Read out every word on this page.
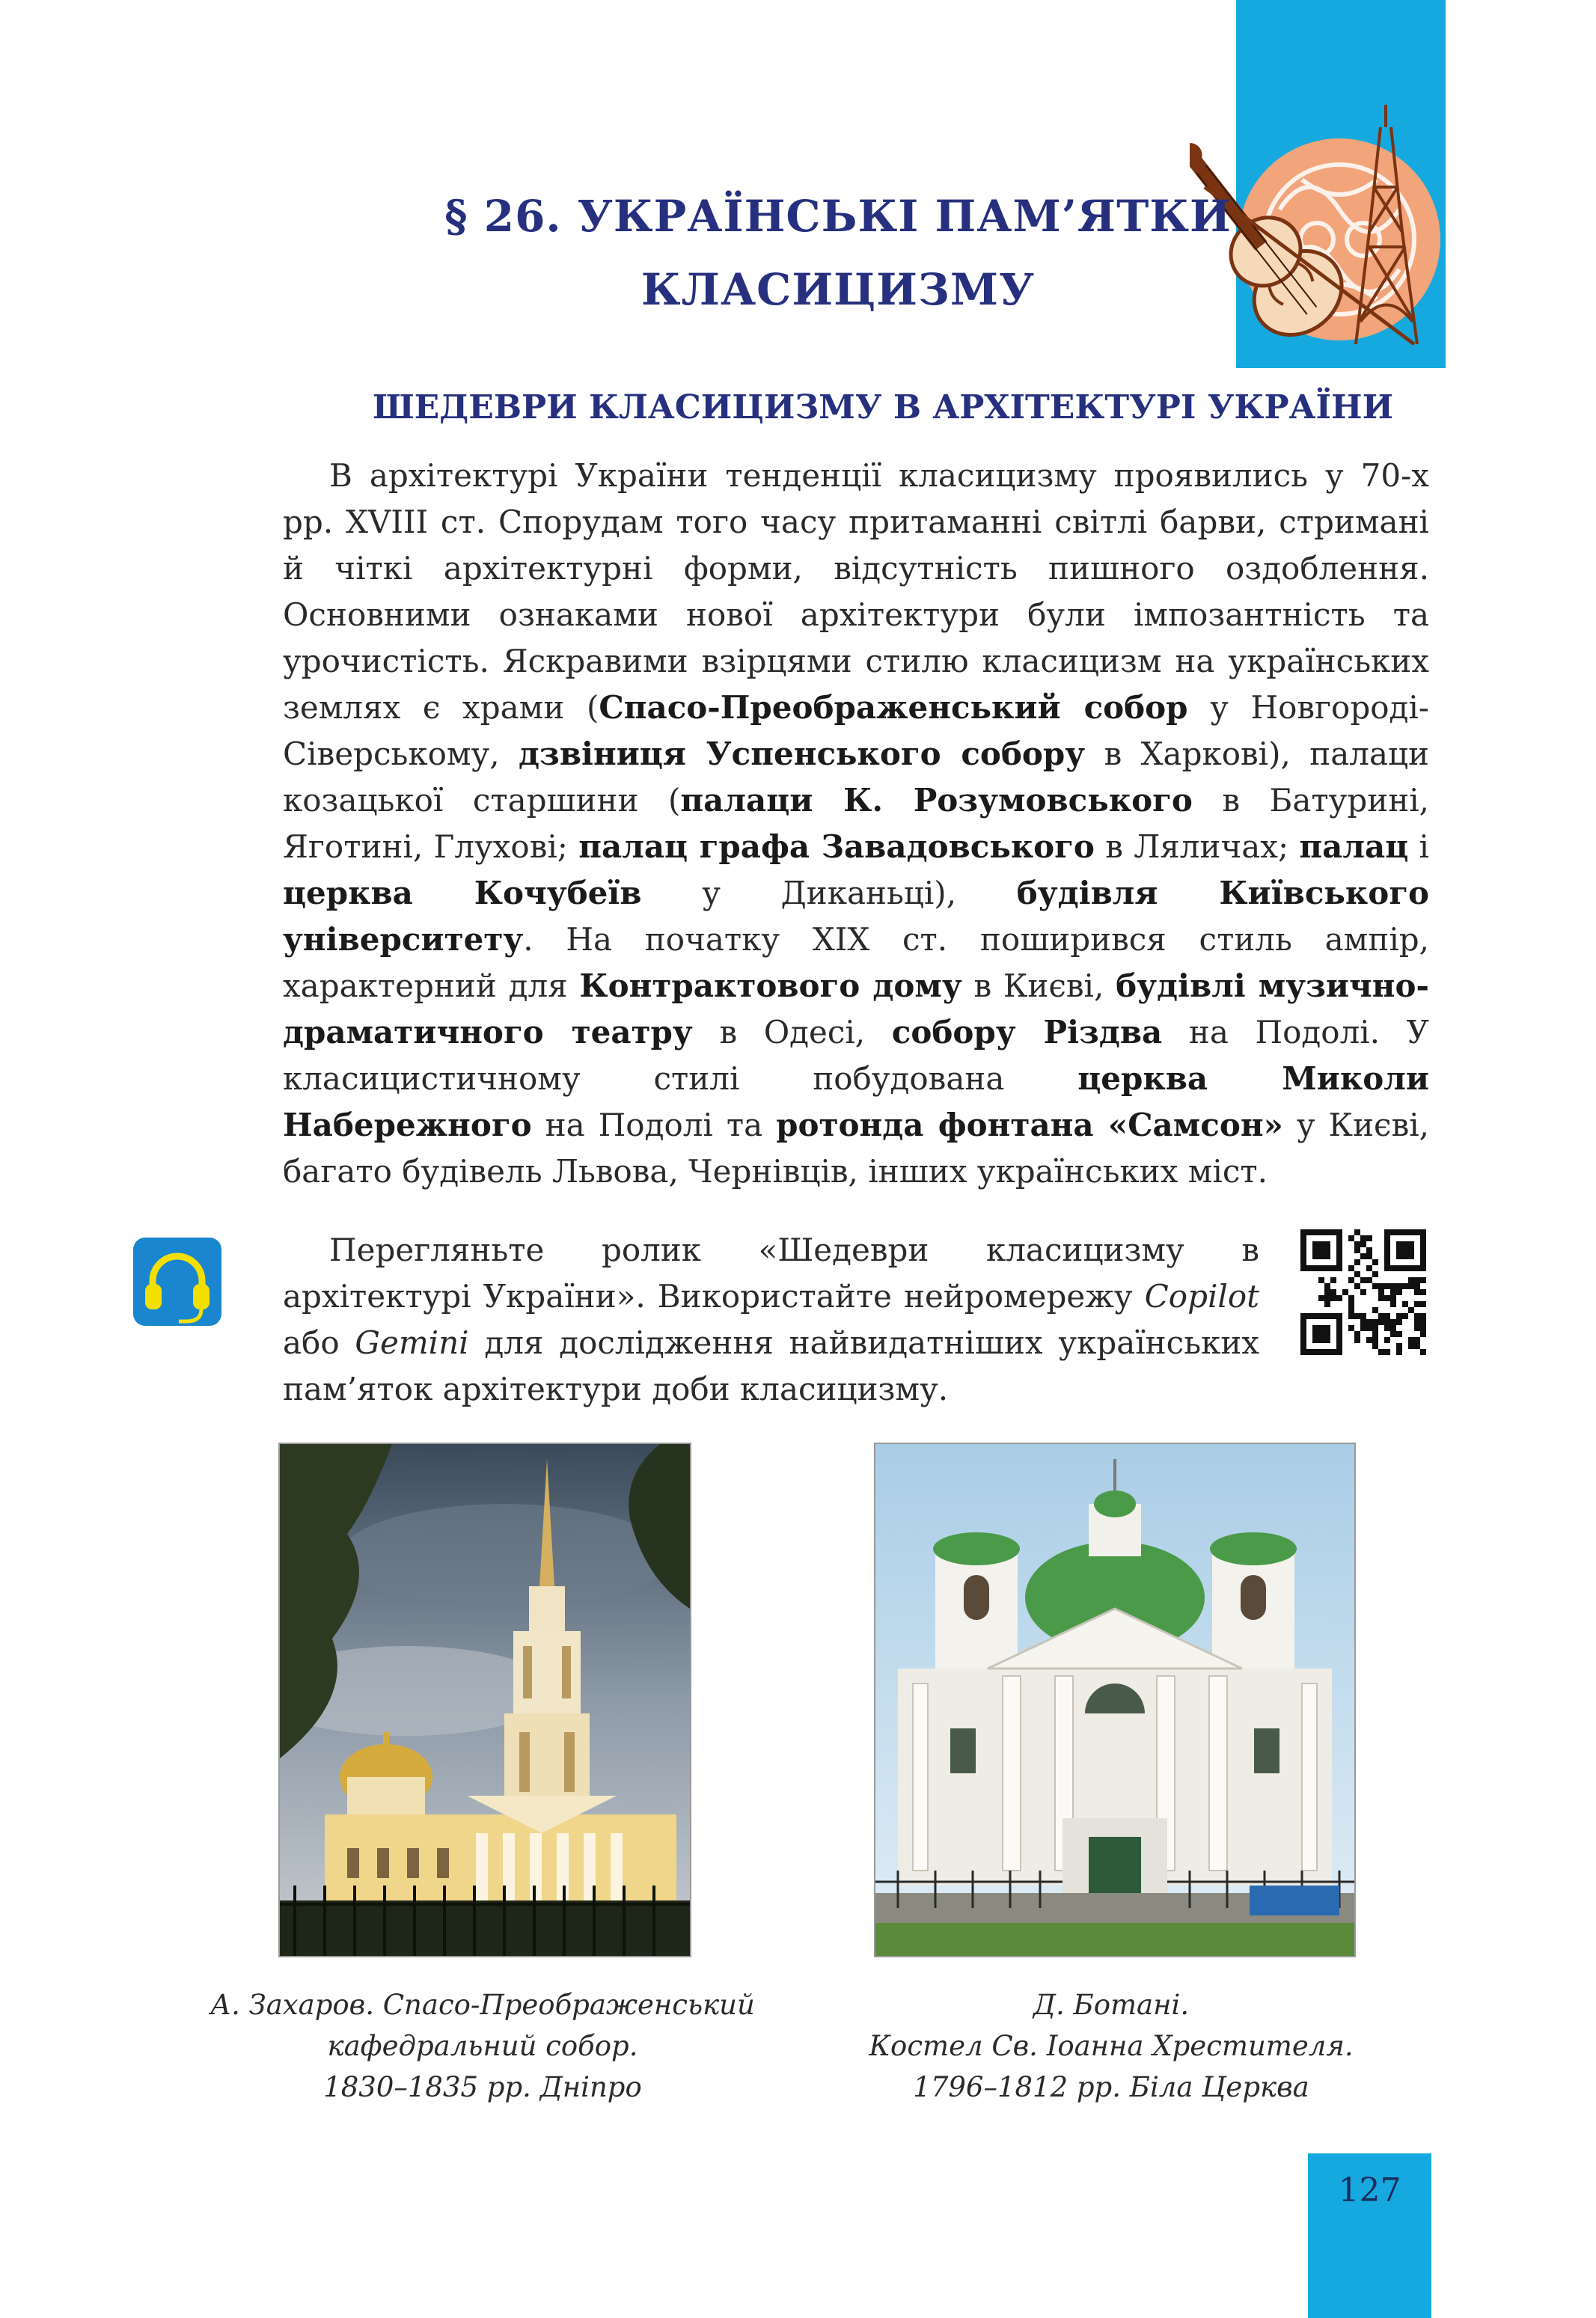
§ 26. УКРАЇНСЬКІ ПАМ’ЯТКИ
КЛАСИЦИЗМУ
ШЕДЕВРИ КЛАСИЦИЗМУ В АРХІТЕКТУРІ УКРАЇНИ
В архітектурі України тенденції класицизму проявились у 70-х рр. XVIII ст. Спорудам того часу притаманні світлі барви, стримані й чіткі архітектурні форми, відсутність пишного оздоблення. Основними ознаками нової архітектури були імпозантність та урочистість. Яскравими взірцями стилю класицизм на українських землях є храми (Спасо-Преображенський собор у Новгороді-Сіверському, дзвіниця Успенського собору в Харкові), палаци козацької старшини (палаци К. Розумовського в Батурині, Яготині, Глухові; палац графа Завадовського в Ляличах; палац і церква Кочубеїв у Диканьці), будівля Київського університету. На початку XIX ст. поширився стиль ампір, характерний для Контрактового дому в Києві, будівлі музично-драматичного театру в Одесі, собору Різдва на Подолі. У класицистичному стилі побудована церква Миколи Набережного на Подолі та ротонда фонтана «Самсон» у Києві, багато будівель Львова, Чернівців, інших українських міст.
Перегляньте ролик «Шедеври класицизму в архітектурі України». Використайте нейромережу Copilot або Gemini для дослідження найвидатніших українських пам’яток архітектури доби класицизму.
А. Захаров. Спасо-Преображенський
кафедральний собор.
1830–1835 рр. Дніпро
Д. Ботані.
Костел Св. Іоанна Хрестителя.
1796–1812 рр. Біла Церква
127
